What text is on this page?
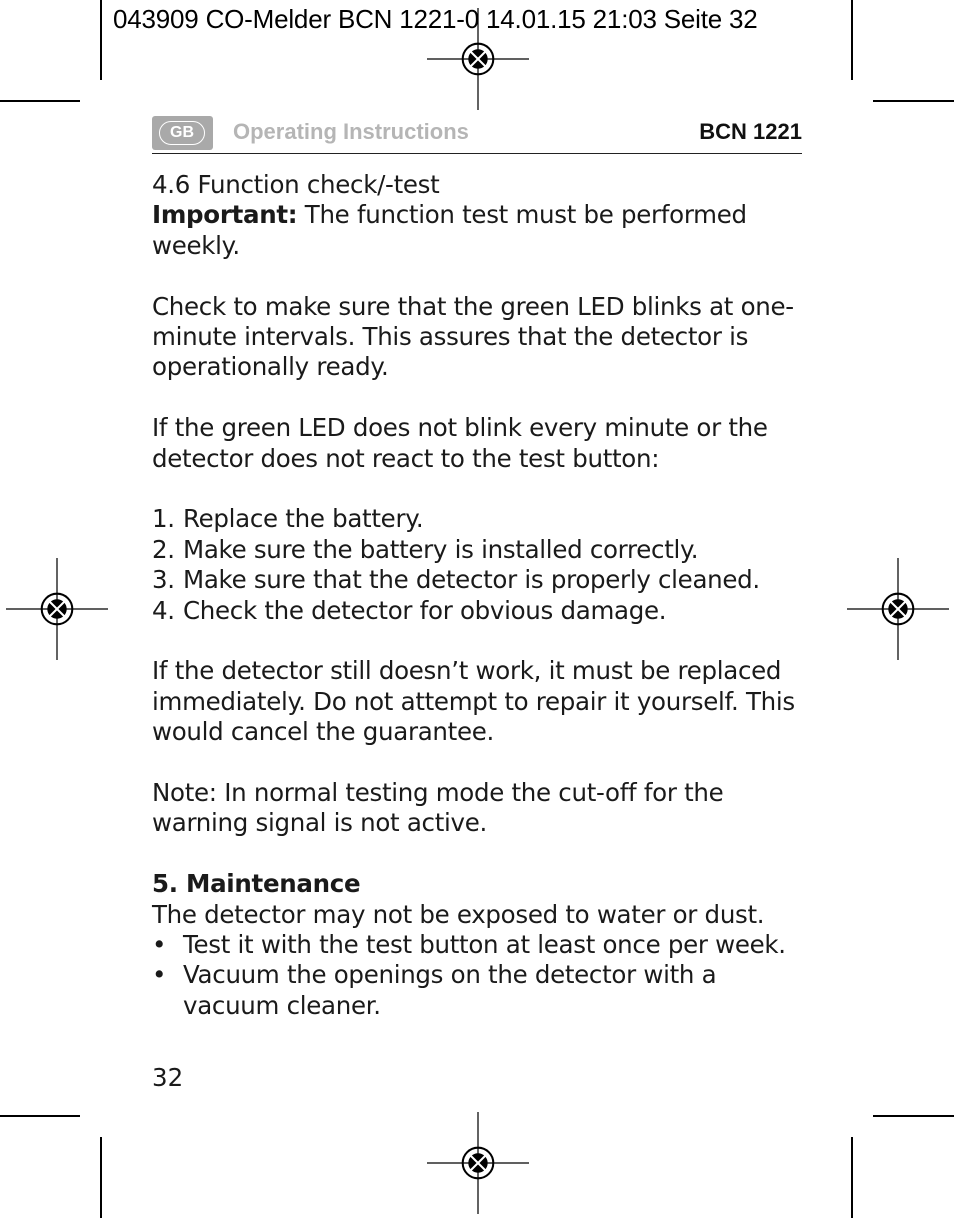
043909 CO-Melder BCN 1221-0 14.01.15 21:03 Seite 32
GB	Operating Instructions	BCN 1221

4.6 Function check/-test

Important: The function test must be performed weekly.

Check to make sure that the green LED blinks at one-minute intervals. This assures that the detector is operationally ready.

If the green LED does not blink every minute or the detector does not react to the test button:

1. Replace the battery.
2. Make sure the battery is installed correctly.
3. Make sure that the detector is properly cleaned.
4. Check the detector for obvious damage.

If the detector still doesn’t work, it must be replaced immediately. Do not attempt to repair it yourself. This would cancel the guarantee.

Note: In normal testing mode the cut-off for the warning signal is not active.

5. Maintenance

The detector may not be exposed to water or dust.

• Test it with the test button at least once per week.
• Vacuum the openings on the detector with a vacuum cleaner.
32
